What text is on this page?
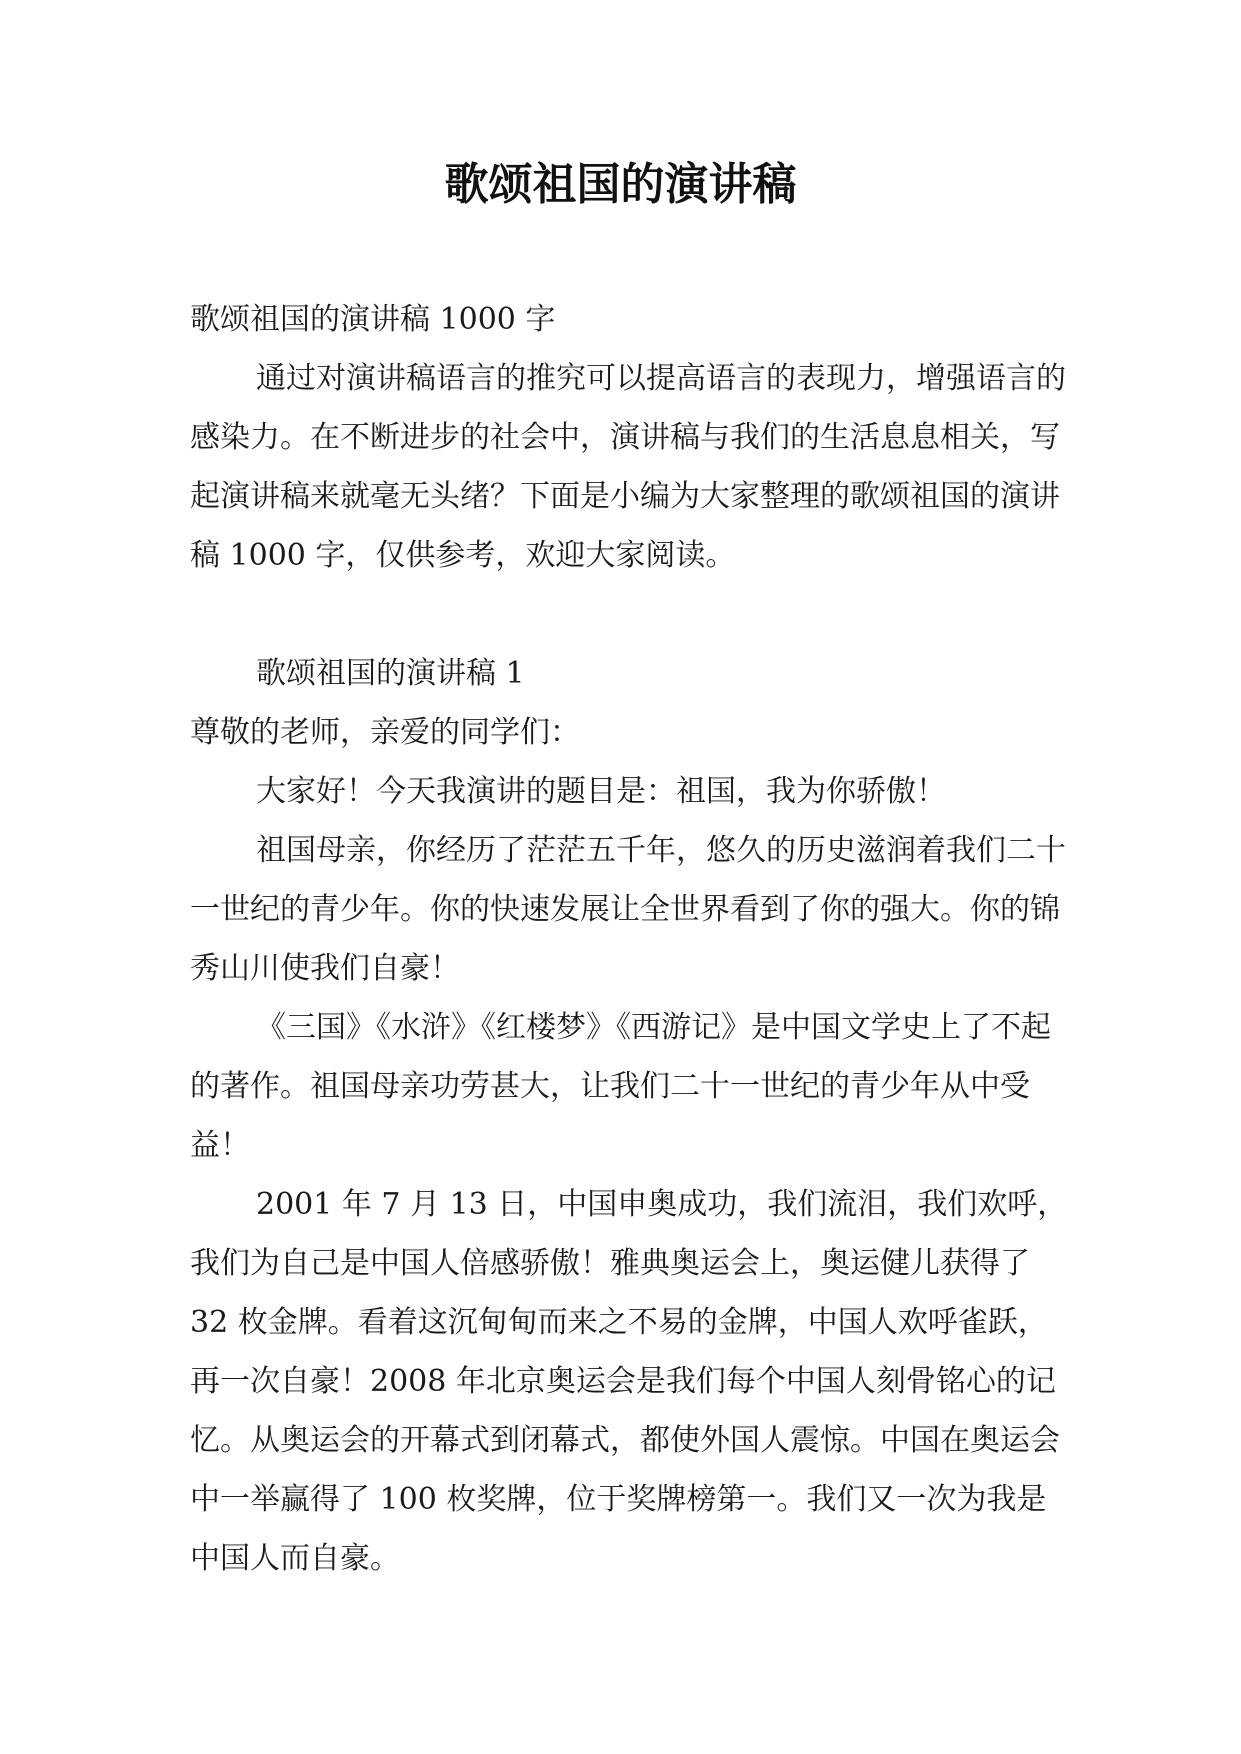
歌颂祖国的演讲稿

歌颂祖国的演讲稿 1000 字

通过对演讲稿语言的推究可以提高语言的表现力，增强语言的感染力。在不断进步的社会中，演讲稿与我们的生活息息相关，写起演讲稿来就毫无头绪？下面是小编为大家整理的歌颂祖国的演讲稿 1000 字，仅供参考，欢迎大家阅读。

歌颂祖国的演讲稿 1

尊敬的老师，亲爱的同学们：

大家好！今天我演讲的题目是：祖国，我为你骄傲！

祖国母亲，你经历了茫茫五千年，悠久的历史滋润着我们二十一世纪的青少年。你的快速发展让全世界看到了你的强大。你的锦秀山川使我们自豪！

《三国》《水浒》《红楼梦》《西游记》是中国文学史上了不起的著作。祖国母亲功劳甚大，让我们二十一世纪的青少年从中受益！

2001 年 7 月 13 日，中国申奥成功，我们流泪，我们欢呼，我们为自己是中国人倍感骄傲！雅典奥运会上，奥运健儿获得了 32 枚金牌。看着这沉甸甸而来之不易的金牌，中国人欢呼雀跃，再一次自豪！2008 年北京奥运会是我们每个中国人刻骨铭心的记忆。从奥运会的开幕式到闭幕式，都使外国人震惊。中国在奥运会中一举赢得了 100 枚奖牌，位于奖牌榜第一。我们又一次为我是中国人而自豪。
